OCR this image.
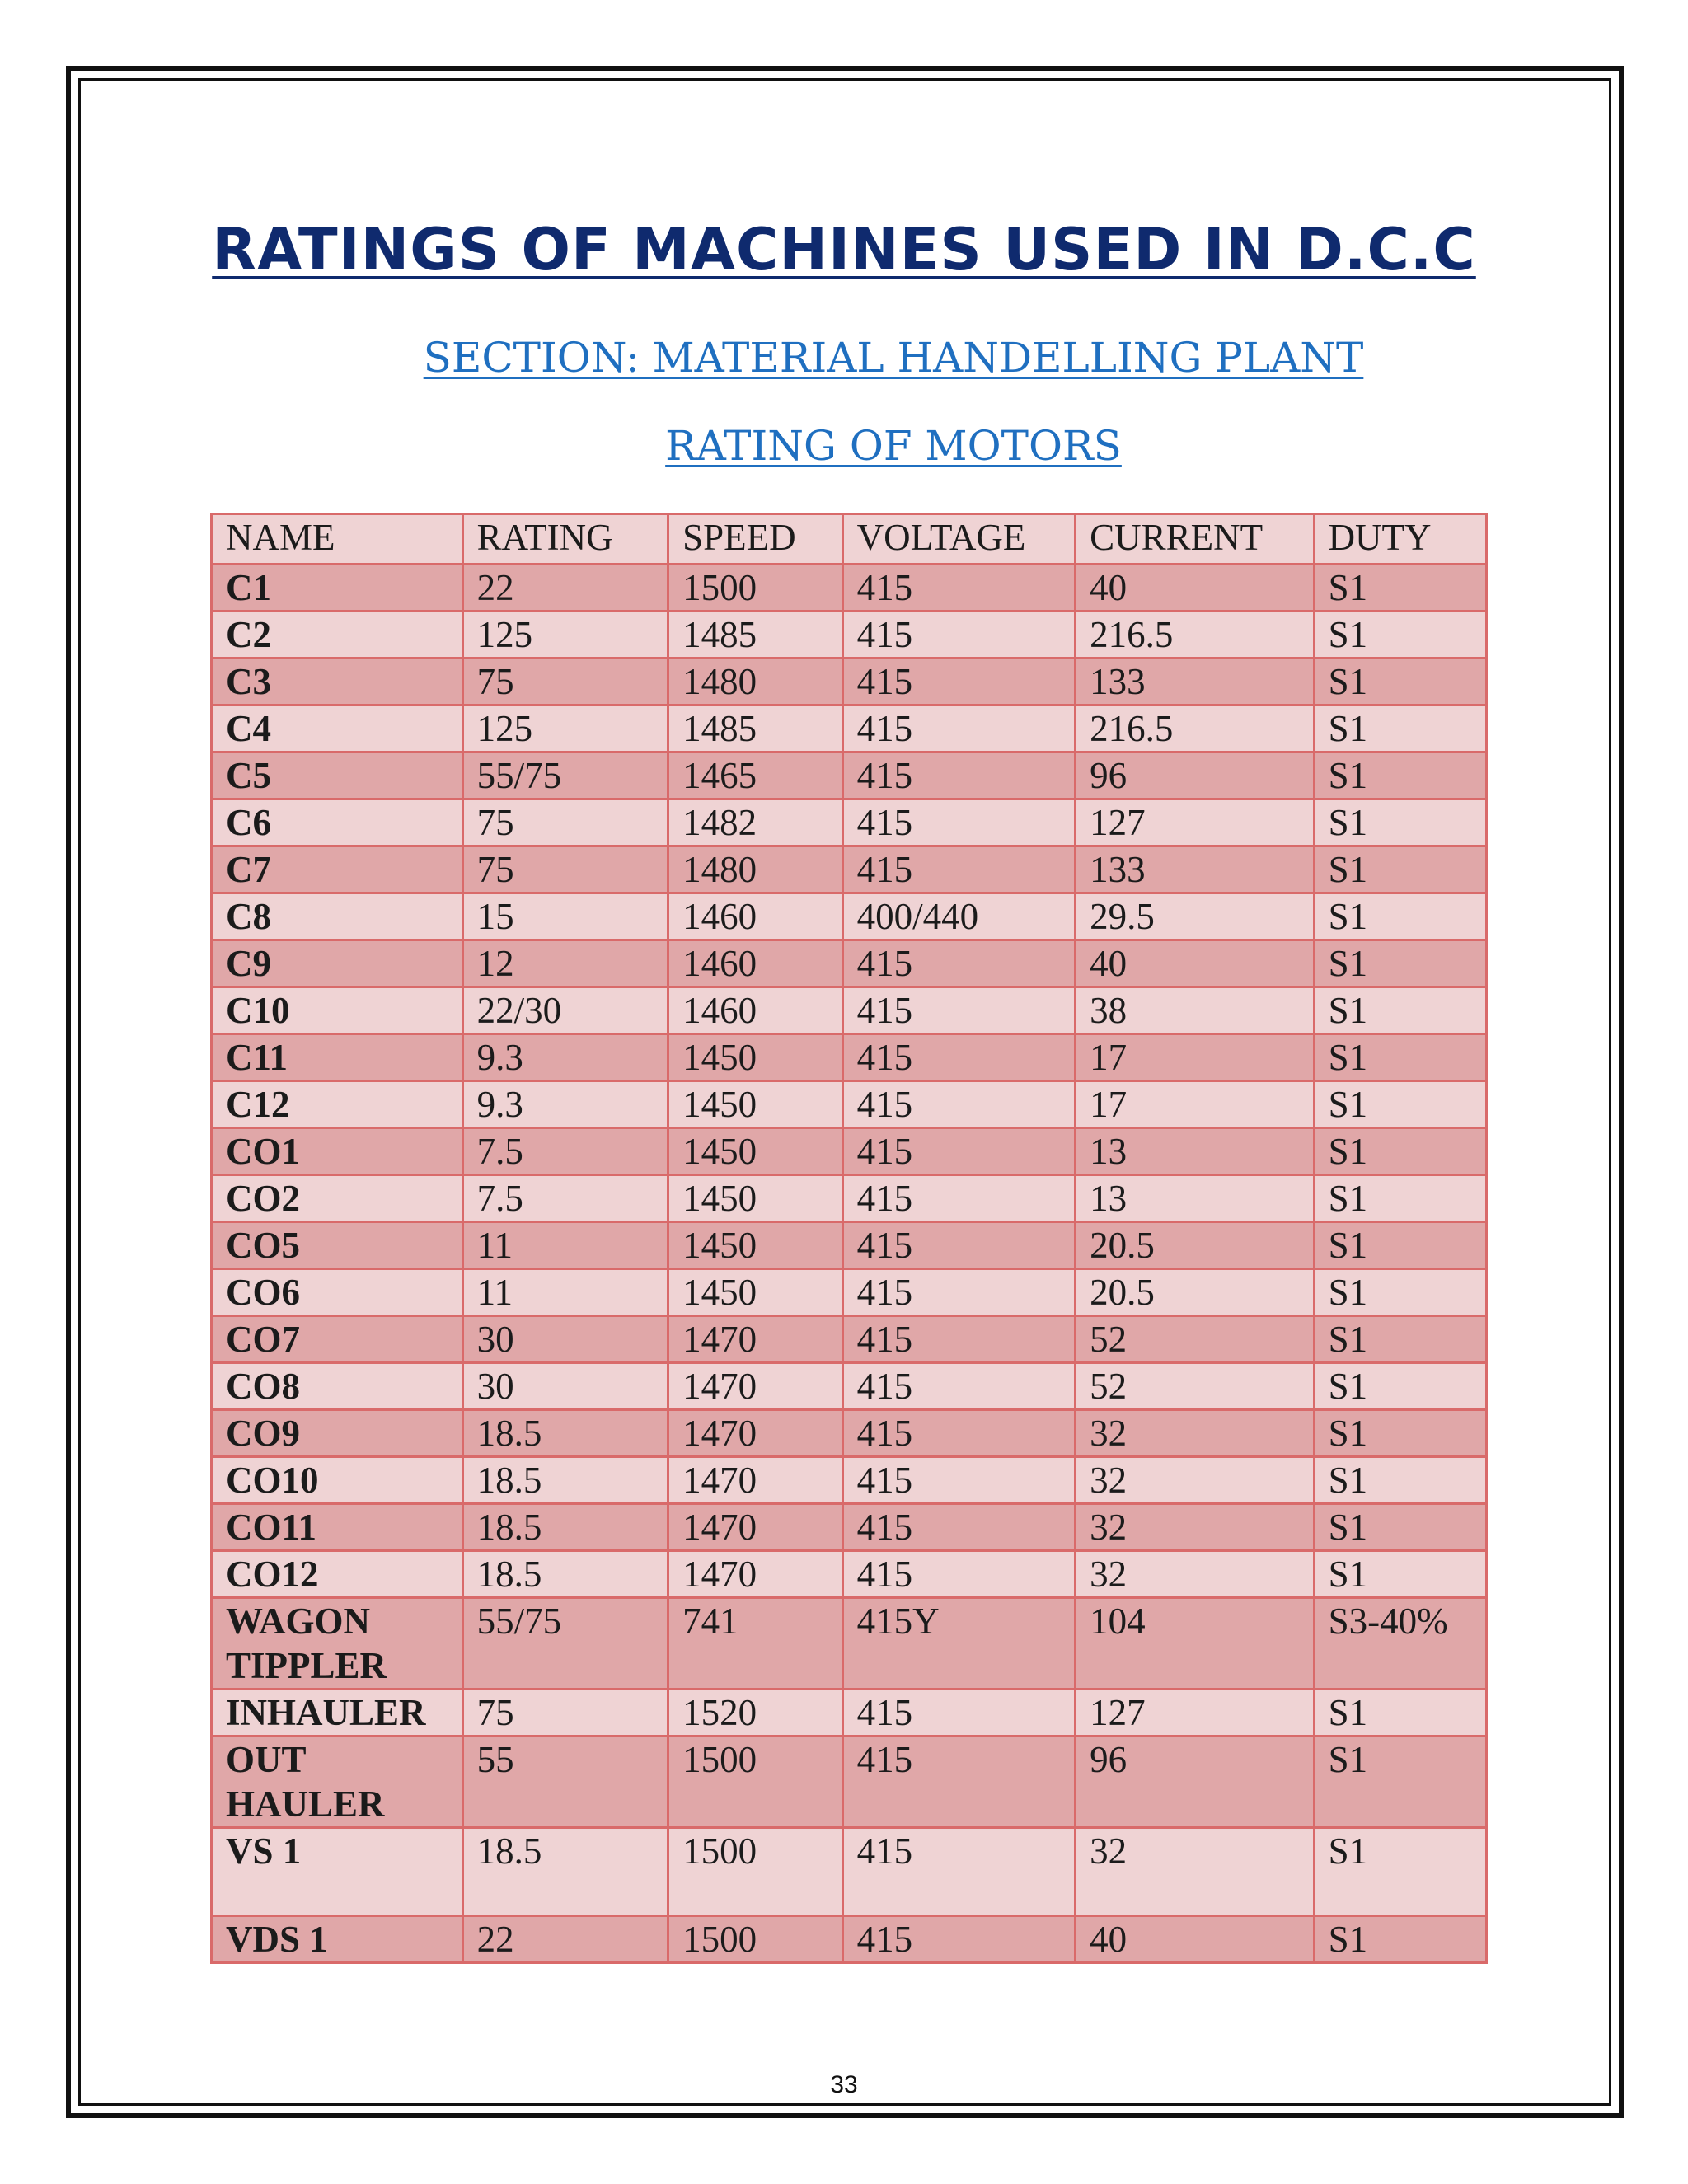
RATINGS OF MACHINES USED IN D.C.C
SECTION: MATERIAL HANDELLING PLANT
RATING OF MOTORS
NAME	RATING	SPEED	VOLTAGE	CURRENT	DUTY
C1	22	1500	415	40	S1
C2	125	1485	415	216.5	S1
C3	75	1480	415	133	S1
C4	125	1485	415	216.5	S1
C5	55/75	1465	415	96	S1
C6	75	1482	415	127	S1
C7	75	1480	415	133	S1
C8	15	1460	400/440	29.5	S1
C9	12	1460	415	40	S1
C10	22/30	1460	415	38	S1
C11	9.3	1450	415	17	S1
C12	9.3	1450	415	17	S1
CO1	7.5	1450	415	13	S1
CO2	7.5	1450	415	13	S1
CO5	11	1450	415	20.5	S1
CO6	11	1450	415	20.5	S1
CO7	30	1470	415	52	S1
CO8	30	1470	415	52	S1
CO9	18.5	1470	415	32	S1
CO10	18.5	1470	415	32	S1
CO11	18.5	1470	415	32	S1
CO12	18.5	1470	415	32	S1
WAGON TIPPLER	55/75	741	415Y	104	S3-40%
INHAULER	75	1520	415	127	S1
OUT HAULER	55	1500	415	96	S1
VS 1	18.5	1500	415	32	S1
VDS 1	22	1500	415	40	S1
33
